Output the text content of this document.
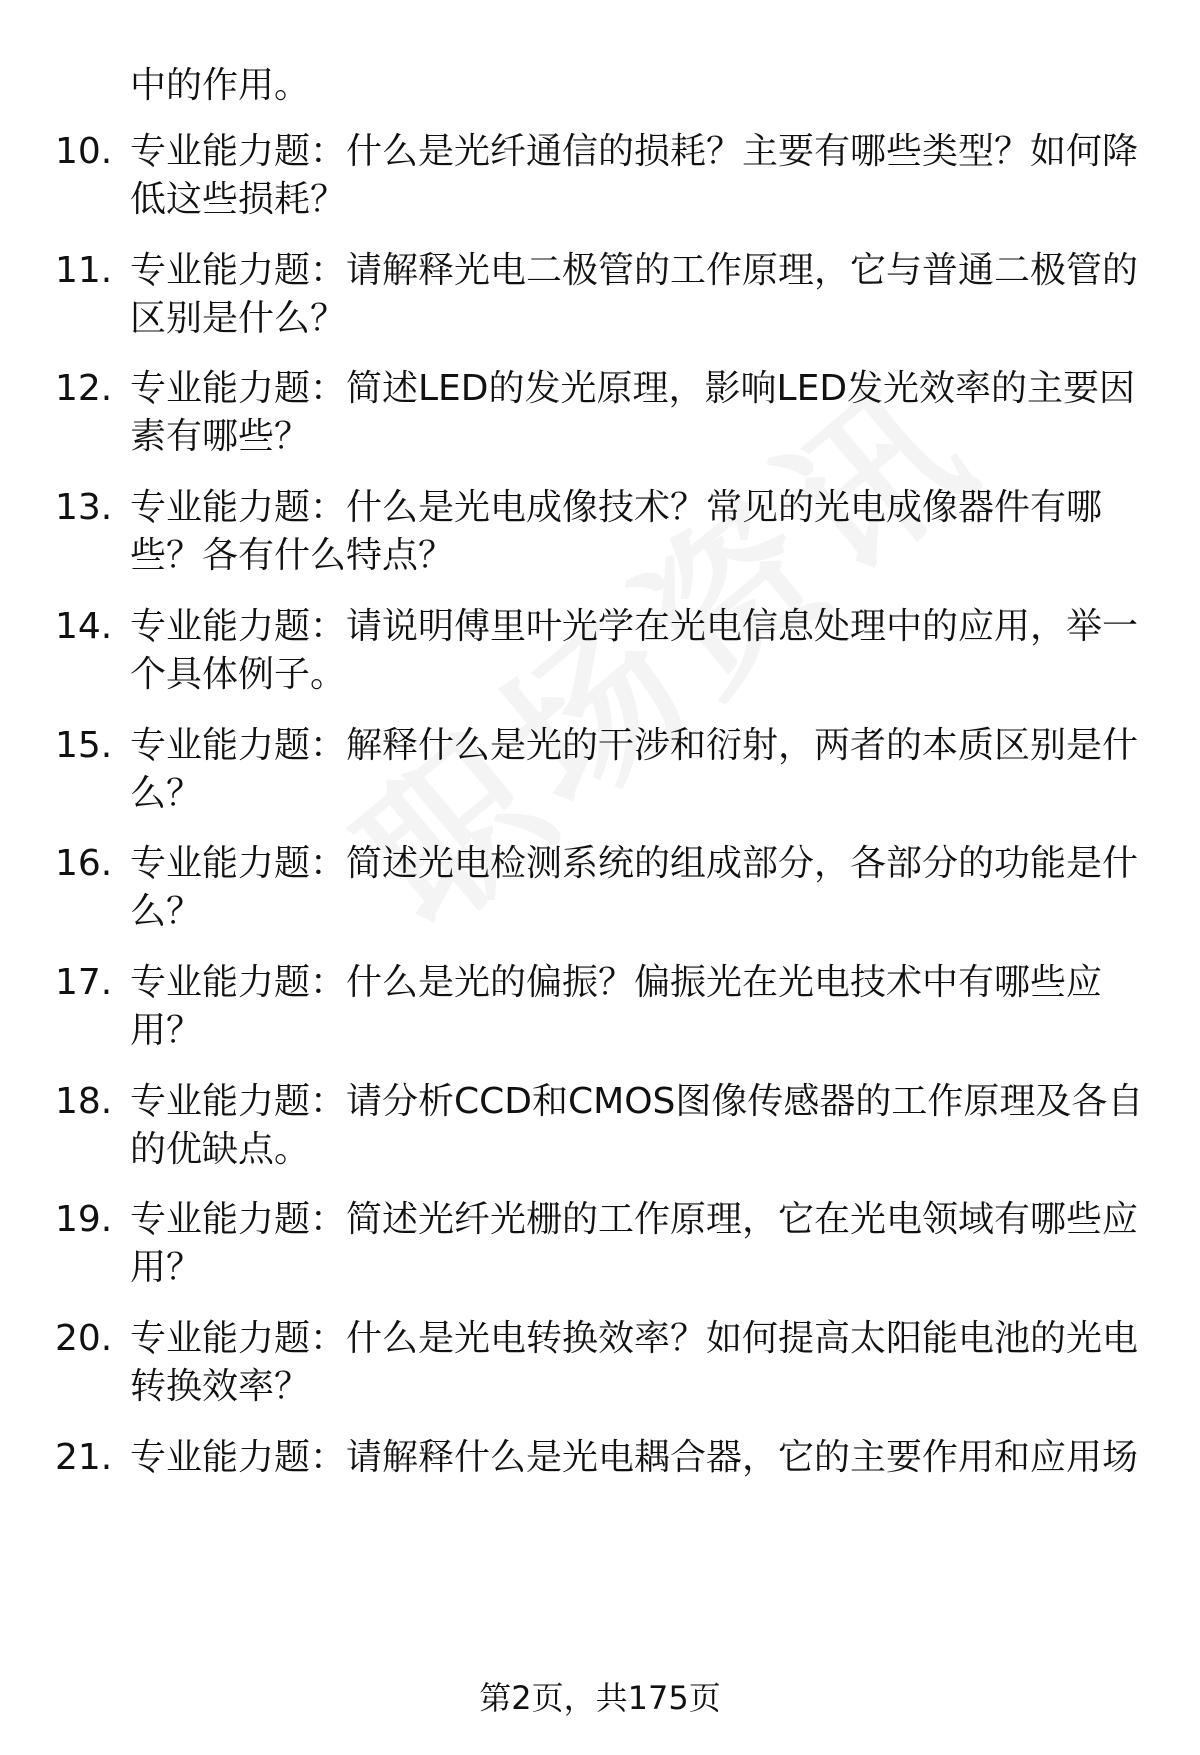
中的作用。
10. 专业能力题：什么是光纤通信的损耗？主要有哪些类型？如何降低这些损耗？
11. 专业能力题：请解释光电二极管的工作原理，它与普通二极管的区别是什么？
12. 专业能力题：简述LED的发光原理，影响LED发光效率的主要因素有哪些？
13. 专业能力题：什么是光电成像技术？常见的光电成像器件有哪些？各有什么特点？
14. 专业能力题：请说明傅里叶光学在光电信息处理中的应用，举一个具体例子。
15. 专业能力题：解释什么是光的干涉和衍射，两者的本质区别是什么？
16. 专业能力题：简述光电检测系统的组成部分，各部分的功能是什么？
17. 专业能力题：什么是光的偏振？偏振光在光电技术中有哪些应用？
18. 专业能力题：请分析CCD和CMOS图像传感器的工作原理及各自的优缺点。
19. 专业能力题：简述光纤光栅的工作原理，它在光电领域有哪些应用？
20. 专业能力题：什么是光电转换效率？如何提高太阳能电池的光电转换效率？
21. 专业能力题：请解释什么是光电耦合器，它的主要作用和应用场
第2页，共175页
